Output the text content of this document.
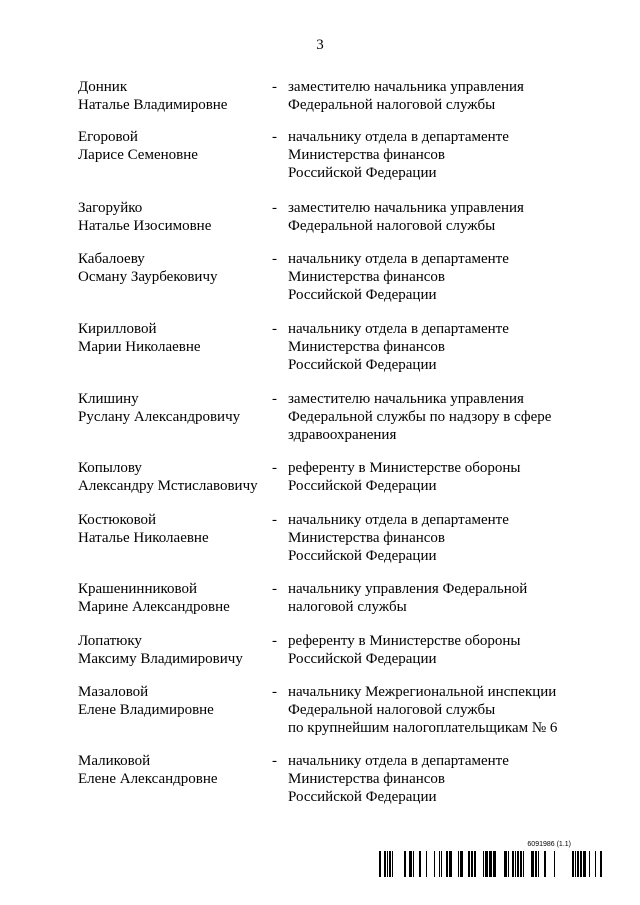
3
Донник
Наталье Владимировне
- заместителю начальника управления
Федеральной налоговой службы
Егоровой
Ларисе Семеновне
- начальнику отдела в департаменте
Министерства финансов
Российской Федерации
Загоруйко
Наталье Изосимовне
- заместителю начальника управления
Федеральной налоговой службы
Кабалоеву
Осману Заурбековичу
- начальнику отдела в департаменте
Министерства финансов
Российской Федерации
Кирилловой
Марии Николаевне
- начальнику отдела в департаменте
Министерства финансов
Российской Федерации
Клишину
Руслану Александровичу
- заместителю начальника управления
Федеральной службы по надзору в сфере
здравоохранения
Копылову
Александру Мстиславовичу
- референту в Министерстве обороны
Российской Федерации
Костюковой
Наталье Николаевне
- начальнику отдела в департаменте
Министерства финансов
Российской Федерации
Крашенинниковой
Марине Александровне
- начальнику управления Федеральной
налоговой службы
Лопатюку
Максиму Владимировичу
- референту в Министерстве обороны
Российской Федерации
Мазаловой
Елене Владимировне
- начальнику Межрегиональной инспекции
Федеральной налоговой службы
по крупнейшим налогоплательщикам № 6
Маликовой
Елене Александровне
- начальнику отдела в департаменте
Министерства финансов
Российской Федерации
6091986 (1.1)
